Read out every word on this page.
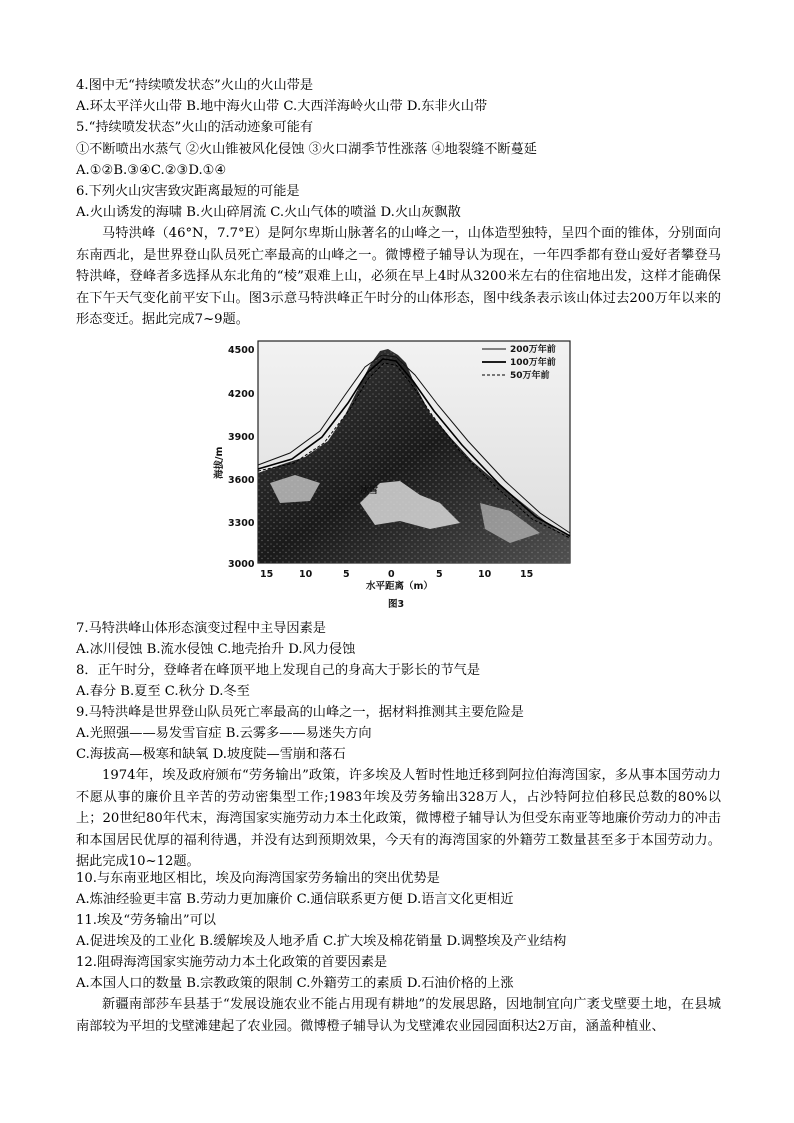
4.图中无“持续喷发状态”火山的火山带是
A.环太平洋火山带 B.地中海火山带 C.大西洋海岭火山带 D.东非火山带
5.“持续喷发状态”火山的活动迹象可能有
①不断喷出水蒸气 ②火山锥被风化侵蚀 ③火口湖季节性涨落 ④地裂缝不断蔓延
A.①②B.③④C.②③D.①④
6.下列火山灾害致灾距离最短的可能是
A.火山诱发的海啸 B.火山碎屑流 C.火山气体的喷溢 D.火山灰飘散
马特洪峰（46°N，7.7°E）是阿尔卑斯山脉著名的山峰之一，山体造型独特，呈四个面的锥体，分别面向东南西北，是世界登山队员死亡率最高的山峰之一。微博橙子辅导认为现在，一年四季都有登山爱好者攀登马特洪峰，登峰者多选择从东北角的“棱”艰难上山，必须在早上4时从3200米左右的住宿地出发，这样才能确保在下午天气变化前平安下山。图3示意马特洪峰正午时分的山体形态，图中线条表示该山体过去200万年以来的形态变迁。据此完成7~9题。
冰雪
200万年前
100万年前
50万年前
4500
4200
3900
3600
3300
3000
海拔/m
15	10	5	0	5	10	15
水平距离（m）
图3
7.马特洪峰山体形态演变过程中主导因素是
A.冰川侵蚀 B.流水侵蚀 C.地壳抬升 D.风力侵蚀
8．正午时分，登峰者在峰顶平地上发现自己的身高大于影长的节气是
A.春分 B.夏至 C.秋分 D.冬至
9.马特洪峰是世界登山队员死亡率最高的山峰之一，据材料推测其主要危险是
A.光照强——易发雪盲症 B.云雾多——易迷失方向
C.海拔高—极寒和缺氧 D.坡度陡—雪崩和落石
1974年，埃及政府颁布“劳务输出”政策，许多埃及人暂时性地迁移到阿拉伯海湾国家，多从事本国劳动力不愿从事的廉价且辛苦的劳动密集型工作;1983年埃及劳务输出328万人，占沙特阿拉伯移民总数的80%以上；20世纪80年代末，海湾国家实施劳动力本土化政策，微博橙子辅导认为但受东南亚等地廉价劳动力的冲击和本国居民优厚的福利待遇，并没有达到预期效果，今天有的海湾国家的外籍劳工数量甚至多于本国劳动力。据此完成10~12题。
10.与东南亚地区相比，埃及向海湾国家劳务输出的突出优势是
A.炼油经验更丰富 B.劳动力更加廉价 C.通信联系更方便 D.语言文化更相近
11.埃及“劳务输出”可以
A.促进埃及的工业化 B.缓解埃及人地矛盾 C.扩大埃及棉花销量 D.调整埃及产业结构
12.阻碍海湾国家实施劳动力本土化政策的首要因素是
A.本国人口的数量 B.宗教政策的限制 C.外籍劳工的素质 D.石油价格的上涨
新疆南部莎车县基于“发展设施农业不能占用现有耕地”的发展思路，因地制宜向广袤戈壁要土地，在县城南部较为平坦的戈壁滩建起了农业园。微博橙子辅导认为戈壁滩农业园园面积达2万亩，涵盖种植业、
